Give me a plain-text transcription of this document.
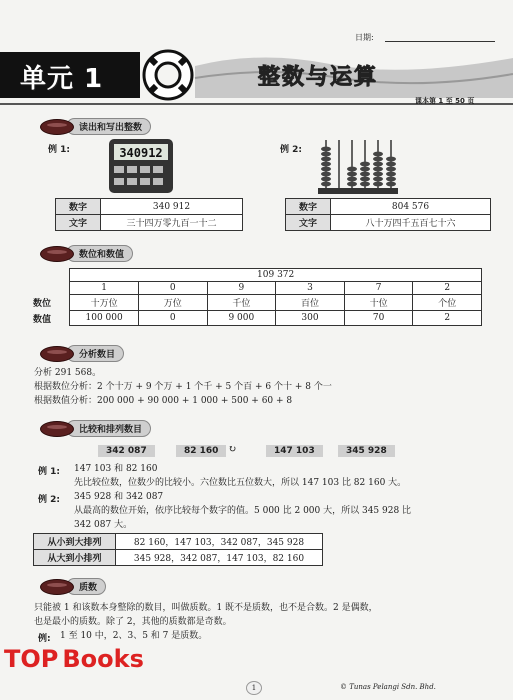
日期:
单元 1	整数与运算
课本第 1 至 50 页
读出和写出整数
例 1:	340912
数字	340 912
文字	三十四万零九百一十二
例 2:
数字	804 576
文字	八十万四千五百七十六
数位和数值
	109 372					
	1	0	9	3	7	2
数位	十万位	万位	千位	百位	十位	个位
数值	100 000	0	9 000	300	70	2
分析数目
分析 291 568。
根据数位分析：2 个十万 + 9 个万 + 1 个千 + 5 个百 + 6 个十 + 8 个一
根据数值分析：200 000 + 90 000 + 1 000 + 500 + 60 + 8
比较和排列数目
342 087	82 160 ↻	147 103	345 928
例 1: 147 103 和 82 160
先比较位数，位数少的比较小。六位数比五位数大，所以 147 103 比 82 160 大。
例 2: 345 928 和 342 087
从最高的数位开始，依序比较每个数字的值。5 000 比 2 000 大，所以 345 928 比
342 087 大。
从小到大排列	82 160，147 103，342 087，345 928
从大到小排列	345 928，342 087，147 103，82 160
质数
只能被 1 和该数本身整除的数目，叫做质数。1 既不是质数，也不是合数。2 是偶数，
也是最小的质数。除了 2，其他的质数都是奇数。
例: 1 至 10 中，2、3、5 和 7 是质数。
TOP Books
1	© Tunas Pelangi Sdn. Bhd.
